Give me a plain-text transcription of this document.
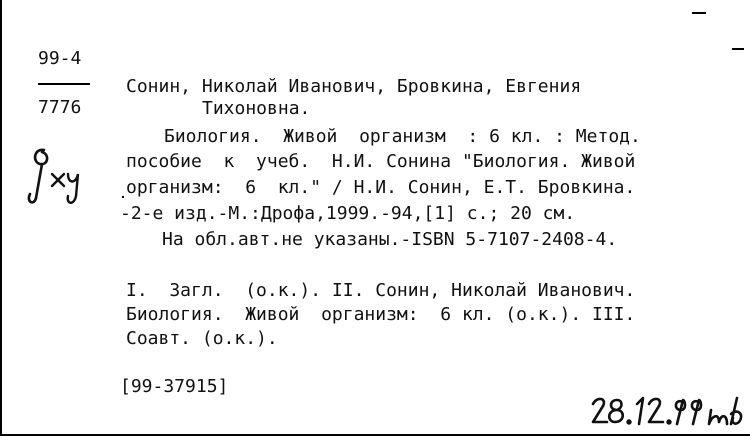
99-4
7776
Сонин, Николай Иванович, Бровкина, Евгения
Тихоновна.
Биология.  Живой  организм  : 6 кл. : Метод.
пособие  к  учеб.  Н.И. Сонина "Биология. Живой
организм:  6  кл." / Н.И. Сонин, Е.Т. Бровкина.
-2-е изд.-М.:Дрофа,1999.-94,[1] с.; 20 см.
На обл.авт.не указаны.-ISBN 5-7107-2408-4.
I.  Загл.  (о.к.). II. Сонин, Николай Иванович.
Биология.  Живой  организм:  6 кл. (о.к.). III.
Соавт. (о.к.).
[99-37915]
